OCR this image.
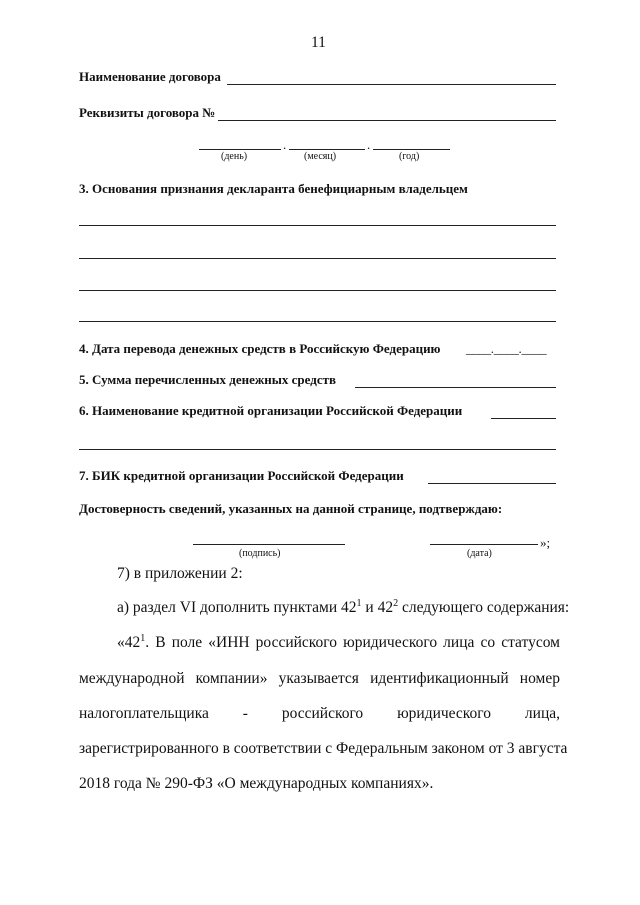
11
Наименование договора
Реквизиты договора №
.	.
(день)	(месяц)	(год)
3. Основания признания декларанта бенефициарным владельцем
4. Дата перевода денежных средств в Российскую Федерацию ____.____.____
5. Сумма перечисленных денежных средств
6. Наименование кредитной организации Российской Федерации
7. БИК кредитной организации Российской Федерации
Достоверность сведений, указанных на данной странице, подтверждаю:
(подпись)
»;
(дата)
7) в приложении 2:
а) раздел VI дополнить пунктами $42^1$ и $42^2$ следующего содержания:
«$42^1$. В поле «ИНН российского юридического лица со статусом
международной компании» указывается идентификационный номер
налогоплательщика - российского юридического лица,
зарегистрированного в соответствии с Федеральным законом от 3 августа
2018 года № 290-ФЗ «О международных компаниях».
